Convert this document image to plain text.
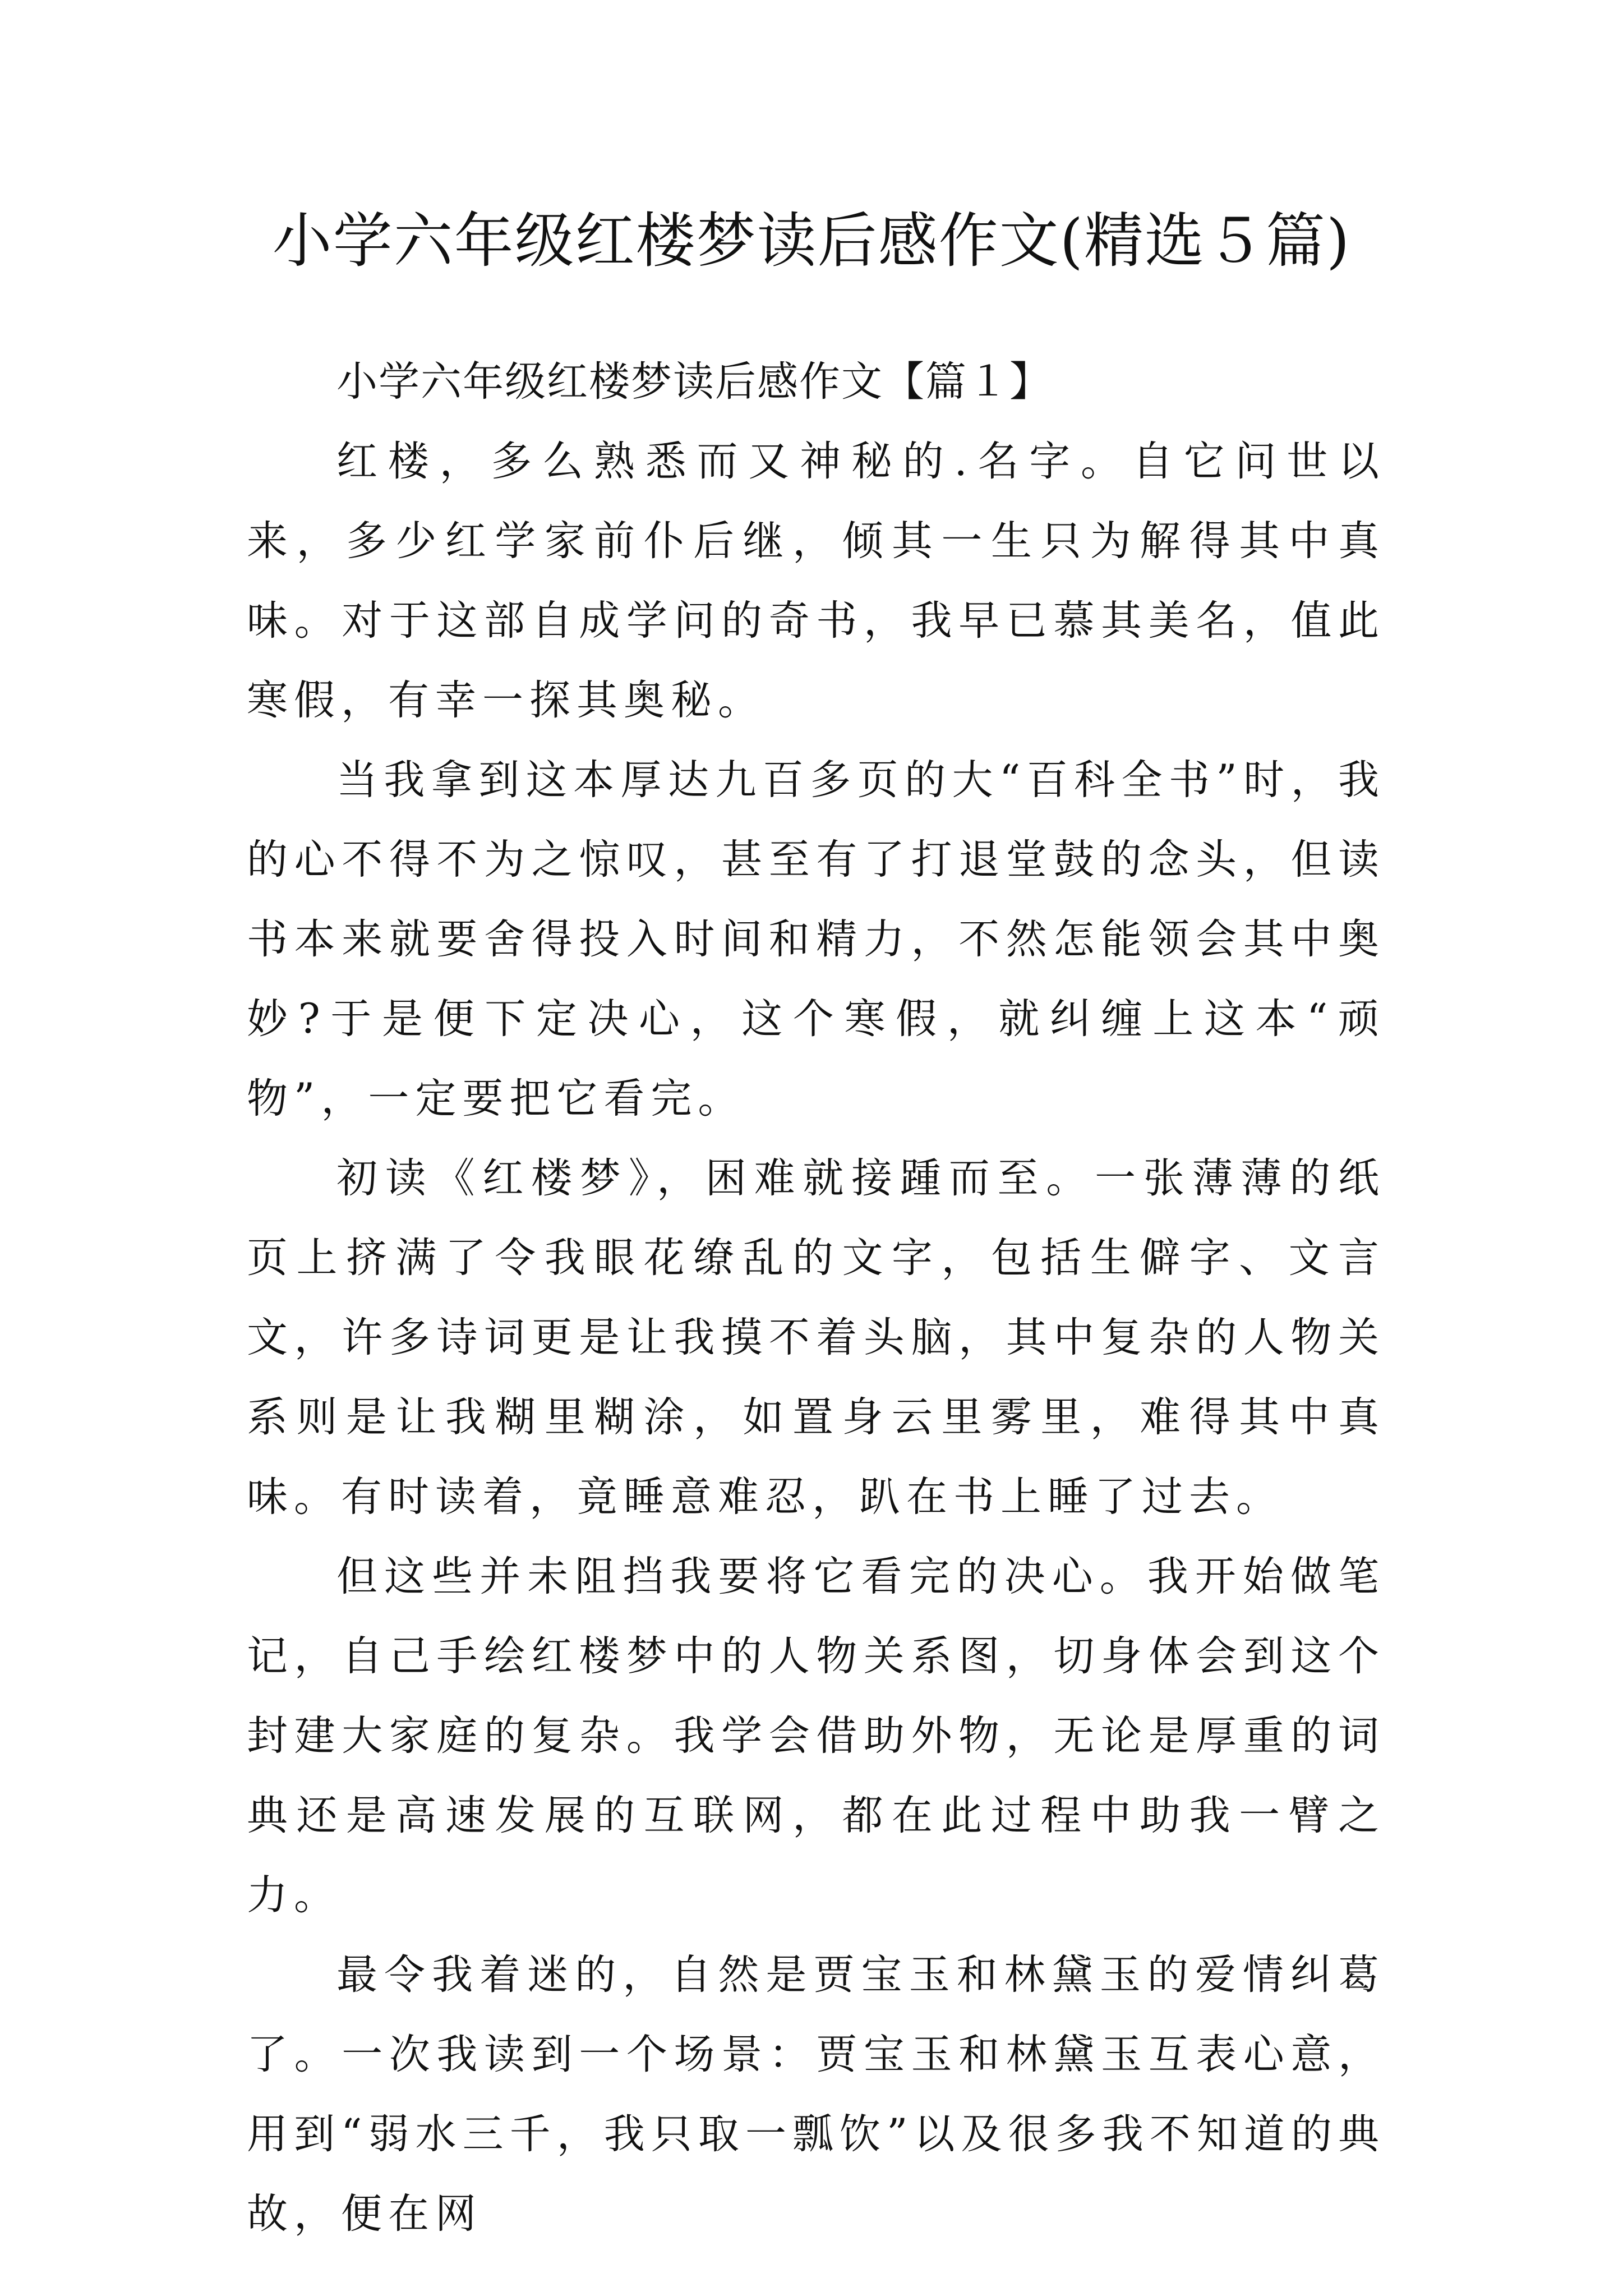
小学六年级红楼梦读后感作文(精选５篇)
小学六年级红楼梦读后感作文【篇１】

红楼，多么熟悉而又神秘的.名字。自它问世以来，多少红学家前仆后继，倾其一生只为解得其中真味。对于这部自成学问的奇书，我早已慕其美名，值此寒假，有幸一探其奥秘。

当我拿到这本厚达九百多页的大“百科全书”时，我的心不得不为之惊叹，甚至有了打退堂鼓的念头，但读书本来就要舍得投入时间和精力，不然怎能领会其中奥妙?于是便下定决心，这个寒假，就纠缠上这本“顽物”，一定要把它看完。

初读《红楼梦》，困难就接踵而至。一张薄薄的纸页上挤满了令我眼花缭乱的文字，包括生僻字、文言文，许多诗词更是让我摸不着头脑，其中复杂的人物关系则是让我糊里糊涂，如置身云里雾里，难得其中真味。有时读着，竟睡意难忍，趴在书上睡了过去。

但这些并未阻挡我要将它看完的决心。我开始做笔记，自己手绘红楼梦中的人物关系图，切身体会到这个封建大家庭的复杂。我学会借助外物，无论是厚重的词典还是高速发展的互联网，都在此过程中助我一臂之力。

最令我着迷的，自然是贾宝玉和林黛玉的爱情纠葛了。一次我读到一个场景：贾宝玉和林黛玉互表心意，用到“弱水三千，我只取一瓢饮”以及很多我不知道的典故，便在网
